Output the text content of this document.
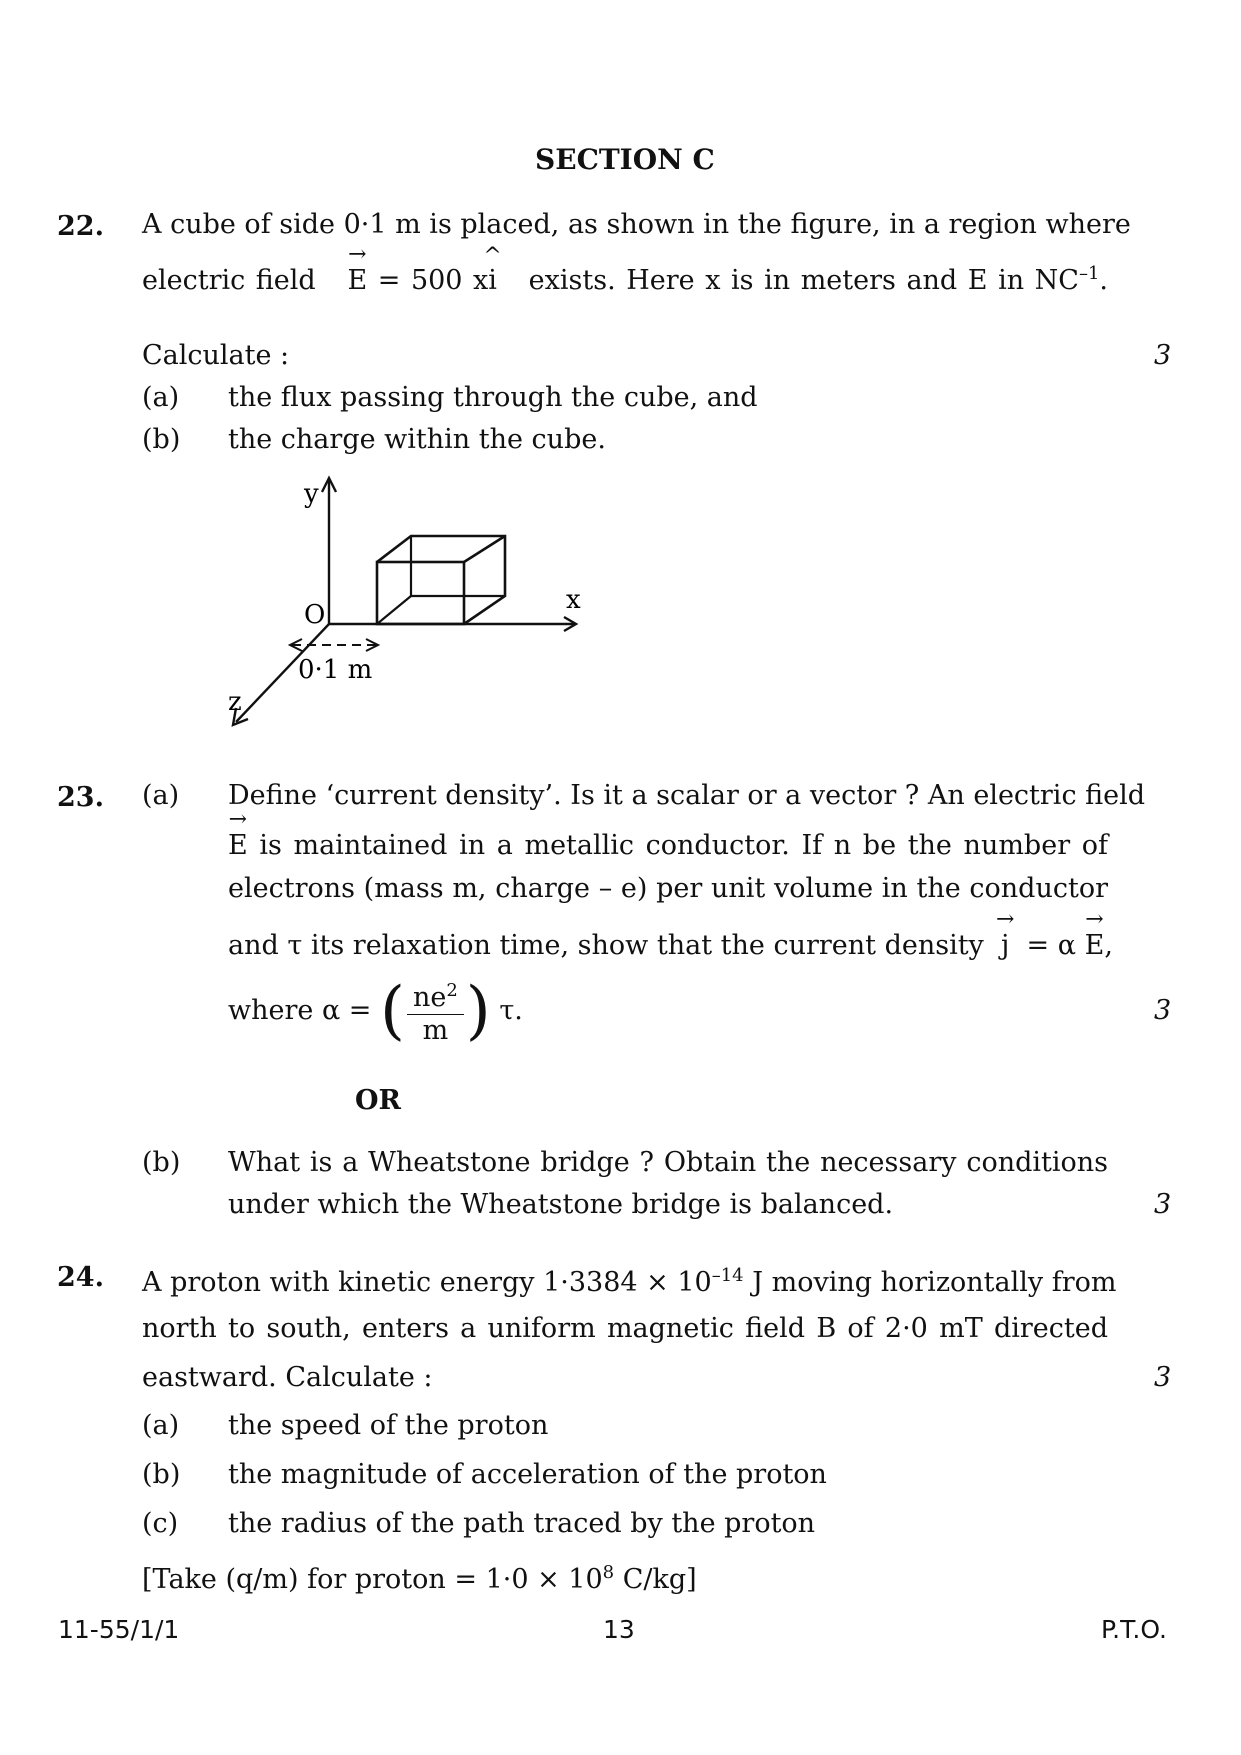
SECTION C
22. A cube of side 0·1 m is placed, as shown in the figure, in a region where
electric field
→
E = 500 x
^
i exists. Here x is in meters and E in $NC^{-1}$.
Calculate :	3
(a) the flux passing through the cube, and
(b) the charge within the cube.
y
x
z
O
0·1 m
23. (a) Define ‘current density’. Is it a scalar or a vector ? An electric field
→
E is maintained in a metallic conductor. If n be the number of
electrons (mass m, charge – e) per unit volume in the conductor
and τ its relaxation time, show that the current density
→
j = α
→
E,
where α = ( $\frac{ne^2}{m}$ ) τ.	3
OR
(b) What is a Wheatstone bridge ? Obtain the necessary conditions
under which the Wheatstone bridge is balanced.	3
24. A proton with kinetic energy $1\cdot 3384 \times 10^{-14}$ J moving horizontally from
north to south, enters a uniform magnetic field B of 2·0 mT directed
eastward. Calculate :	3
(a) the speed of the proton
(b) the magnitude of acceleration of the proton
(c) the radius of the path traced by the proton
[Take (q/m) for proton = $1\cdot 0 \times 10^8$ C/kg]
11-55/1/1	13	P.T.O.
